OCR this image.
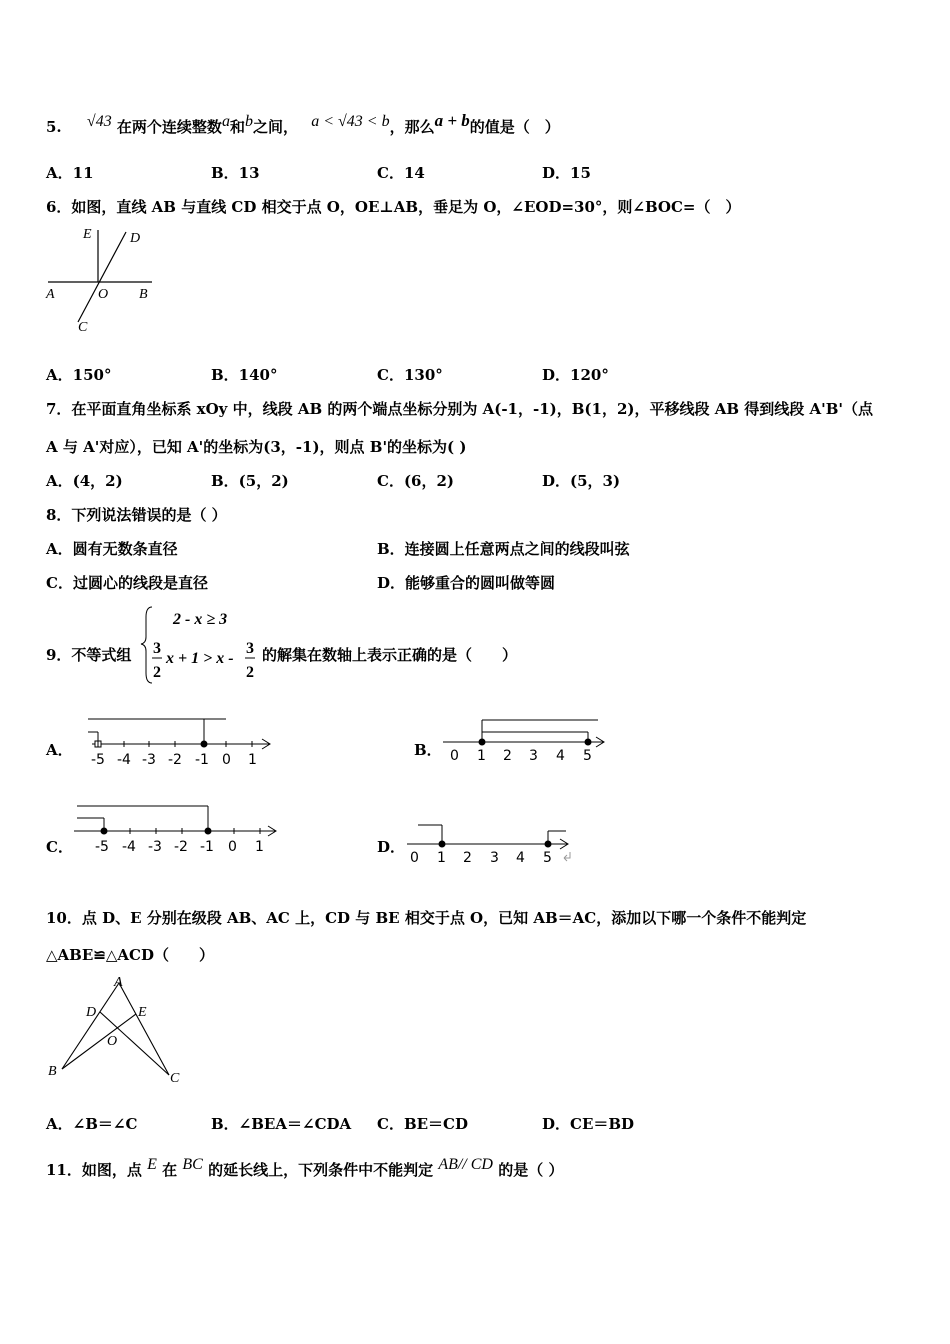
5. √43 在两个连续整数a和b之间， a < √43 < b，那么a + b的值是（　）
A．11	B．13	C．14	D．15
6．如图，直线 AB 与直线 CD 相交于点 O，OE⊥AB，垂足为 O，∠EOD=30°，则∠BOC=（　）
E	D
A	O B
C
A．150°	B．140°	C．130°	D．120°
7．在平面直角坐标系 xOy 中，线段 AB 的两个端点坐标分别为 A(-1，-1)，B(1，2)，平移线段 AB 得到线段 A'B'（点
A 与 A'对应），已知 A'的坐标为(3，-1)，则点 B'的坐标为( )
A．(4，2)	B．(5，2)	C．(6，2)	D．(5，3)
8．下列说法错误的是（ ）
A．圆有无数条直径	B．连接圆上任意两点之间的线段叫弦
C．过圆心的线段是直径	D．能够重合的圆叫做等圆
9．不等式组
2 - x ≥ 3
3
2
x + 1 > x -
3
2
的解集在数轴上表示正确的是（　　）
A．
-5 -4 -3 -2 -1 0 1
B． 0 1 2 3 4 5
C． -5 -4 -3 -2 -1 0 1	D．
0 1 2 3 4 5
10．点 D、E 分别在级段 AB、AC 上，CD 与 BE 相交于点 O，已知 AB＝AC，添加以下哪一个条件不能判定
△ABE≌△ACD（　　）
A
D	E
O
B	C
A．∠B＝∠C	B．∠BEA＝∠CDA C．BE＝CD	D．CE＝BD
11．如图，点 E 在 BC 的延长线上，下列条件中不能判定 AB// CD 的是（ ）
